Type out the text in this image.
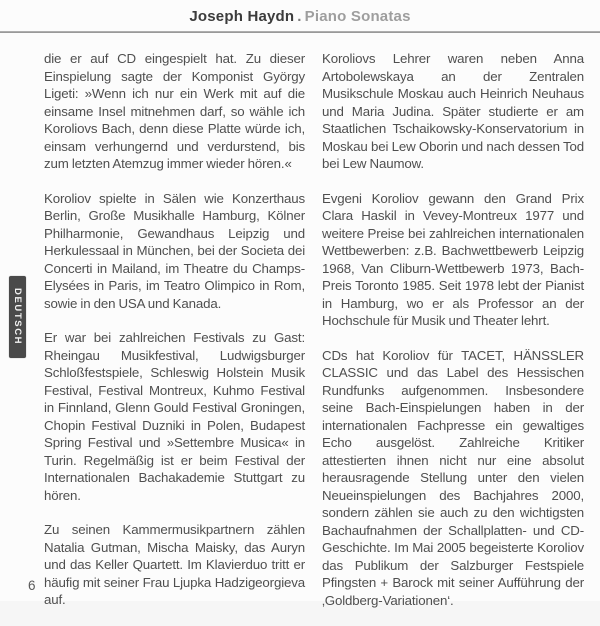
Joseph Haydn . Piano Sonatas
DEUTSCH

die er auf CD eingespielt hat. Zu dieser Einspielung sagte der Komponist György Ligeti: »Wenn ich nur ein Werk mit auf die einsame Insel mitnehmen darf, so wähle ich Koroliovs Bach, denn diese Platte würde ich, einsam verhungernd und verdurstend, bis zum letzten Atemzug immer wieder hören.«

Koroliov spielte in Sälen wie Konzerthaus Berlin, Große Musikhalle Hamburg, Kölner Philharmonie, Gewandhaus Leipzig und Herkulessaal in München, bei der Societa dei Concerti in Mailand, im Theatre du Champs-Elysées in Paris, im Teatro Olimpico in Rom, sowie in den USA und Kanada.

Er war bei zahlreichen Festivals zu Gast: Rheingau Musikfestival, Ludwigsburger Schloßfestspiele, Schleswig Holstein Musik Festival, Festival Montreux, Kuhmo Festival in Finnland, Glenn Gould Festival Groningen, Chopin Festival Duzniki in Polen, Budapest Spring Festival und »Settembre Musica« in Turin. Regelmäßig ist er beim Festival der Internationalen Bachakademie Stuttgart zu hören.

Zu seinen Kammermusikpartnern zählen Natalia Gutman, Mischa Maisky, das Auryn und das Keller Quartett. Im Klavierduo tritt er häufig mit seiner Frau Ljupka Hadzigeorgieva auf.

Koroliovs Lehrer waren neben Anna Artobolewskaya an der Zentralen Musikschule Moskau auch Heinrich Neuhaus und Maria Judina. Später studierte er am Staatlichen Tschaikowsky-Konservatorium in Moskau bei Lew Oborin und nach dessen Tod bei Lew Naumow.

Evgeni Koroliov gewann den Grand Prix Clara Haskil in Vevey-Montreux 1977 und weitere Preise bei zahlreichen internationalen Wettbewerben: z.B. Bachwettbewerb Leipzig 1968, Van Cliburn-Wettbewerb 1973, Bach-Preis Toronto 1985. Seit 1978 lebt der Pianist in Hamburg, wo er als Professor an der Hochschule für Musik und Theater lehrt.

CDs hat Koroliov für TACET, HÄNSSLER CLASSIC und das Label des Hessischen Rundfunks aufgenommen. Insbesondere seine Bach-Einspielungen haben in der internationalen Fachpresse ein gewaltiges Echo ausgelöst. Zahlreiche Kritiker attestierten ihnen nicht nur eine absolut herausragende Stellung unter den vielen Neueinspielungen des Bachjahres 2000, sondern zählen sie auch zu den wichtigsten Bachaufnahmen der Schallplatten- und CD-Geschichte. Im Mai 2005 begeisterte Koroliov das Publikum der Salzburger Festspiele Pfingsten + Barock mit seiner Aufführung der ‚Goldberg-Variationen‘.

6
